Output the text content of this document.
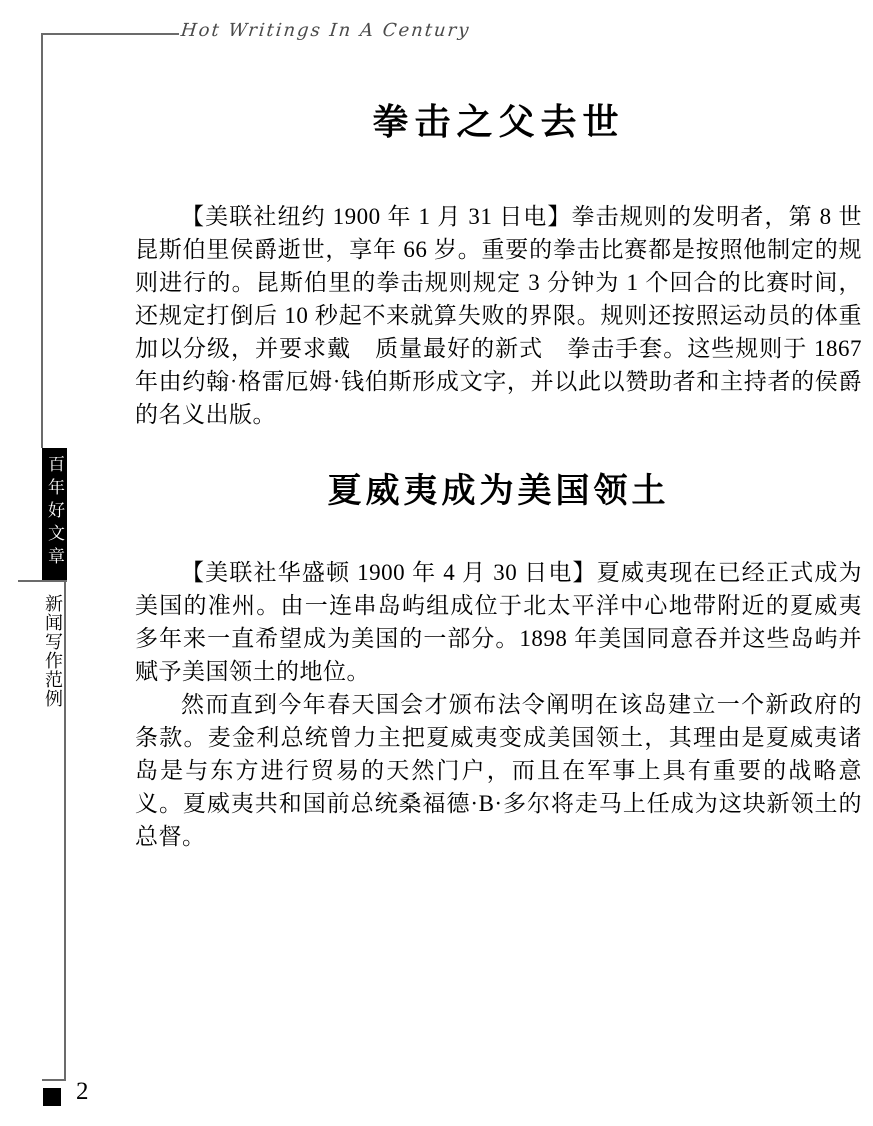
Hot Writings In A Century
百年好文章
新闻写作范例
拳击之父去世

【美联社纽约 1900 年 1 月 31 日电】拳击规则的发明者，第 8 世昆斯伯里侯爵逝世，享年 66 岁。重要的拳击比赛都是按照他制定的规则进行的。昆斯伯里的拳击规则规定 3 分钟为 1 个回合的比赛时间，还规定打倒后 10 秒起不来就算失败的界限。规则还按照运动员的体重加以分级，并要求戴　质量最好的新式　拳击手套。这些规则于 1867 年由约翰·格雷厄姆·钱伯斯形成文字，并以此以赞助者和主持者的侯爵的名义出版。

夏威夷成为美国领土

【美联社华盛顿 1900 年 4 月 30 日电】夏威夷现在已经正式成为美国的准州。由一连串岛屿组成位于北太平洋中心地带附近的夏威夷多年来一直希望成为美国的一部分。1898 年美国同意吞并这些岛屿并赋予美国领土的地位。

然而直到今年春天国会才颁布法令阐明在该岛建立一个新政府的条款。麦金利总统曾力主把夏威夷变成美国领土，其理由是夏威夷诸岛是与东方进行贸易的天然门户，而且在军事上具有重要的战略意义。夏威夷共和国前总统桑福德·B·多尔将走马上任成为这块新领土的总督。

2
